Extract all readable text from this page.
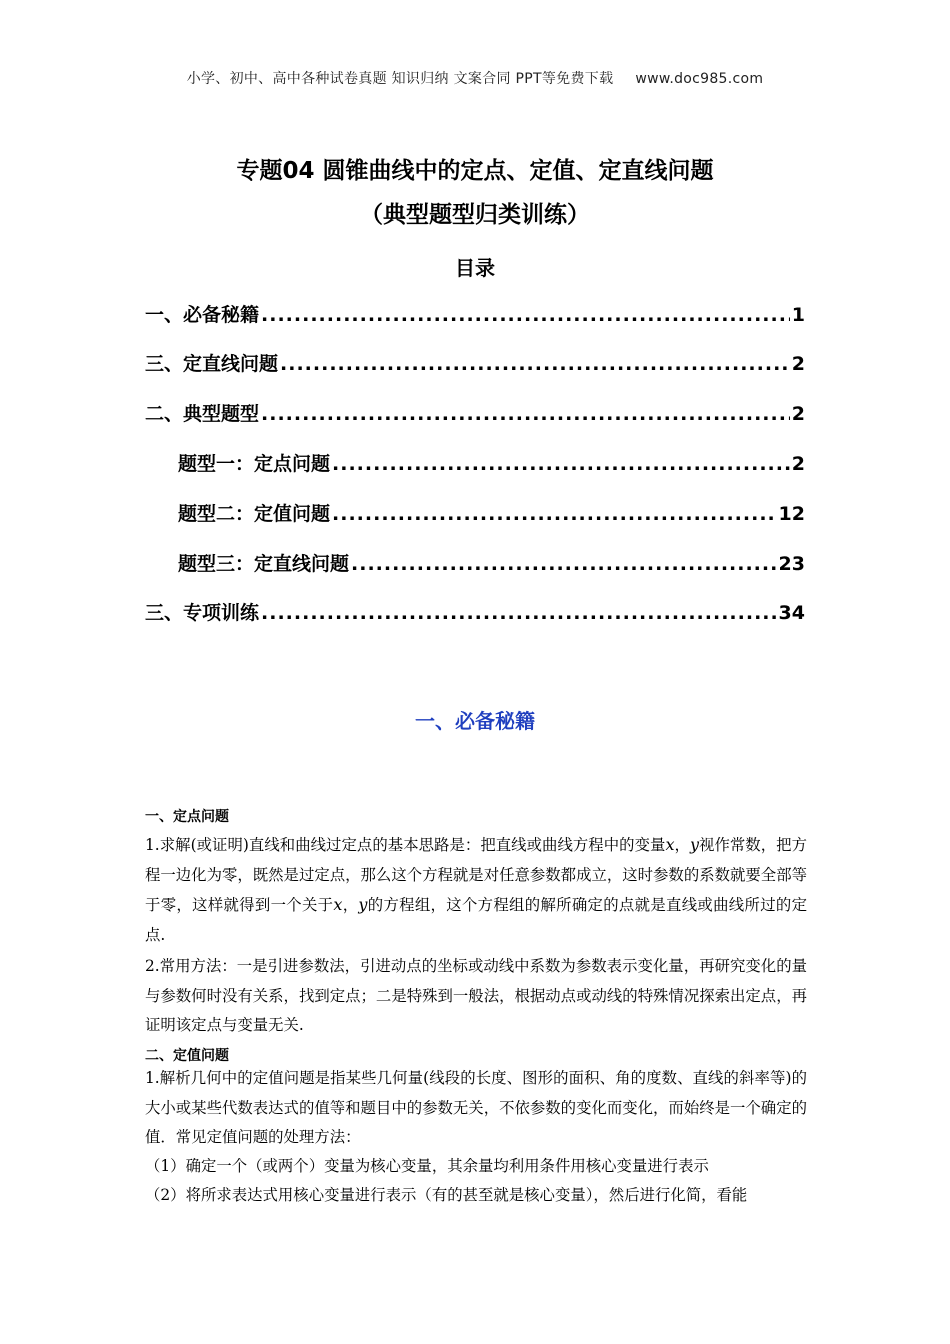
小学、初中、高中各种试卷真题 知识归纳 文案合同 PPT等免费下载 www.doc985.com
专题04 圆锥曲线中的定点、定值、定直线问题
（典型题型归类训练）
目录
一、必备秘籍 .....	1
三、定直线问题 .....	2
二、典型题型 .....	2
题型一：定点问题 .....	2
题型二：定值问题 .....	12
题型三：定直线问题 .....	23
三、专项训练 .....	34
一、必备秘籍
一、定点问题
1.求解(或证明)直线和曲线过定点的基本思路是：把直线或曲线方程中的变量x，y视作常数，把方程一边化为零，既然是过定点，那么这个方程就是对任意参数都成立，这时参数的系数就要全部等于零，这样就得到一个关于x，y的方程组，这个方程组的解所确定的点就是直线或曲线所过的定点.
2.常用方法：一是引进参数法，引进动点的坐标或动线中系数为参数表示变化量，再研究变化的量与参数何时没有关系，找到定点；二是特殊到一般法，根据动点或动线的特殊情况探索出定点，再证明该定点与变量无关.
二、定值问题
1.解析几何中的定值问题是指某些几何量(线段的长度、图形的面积、角的度数、直线的斜率等)的大小或某些代数表达式的值等和题目中的参数无关，不依参数的变化而变化，而始终是一个确定的值．常见定值问题的处理方法：
（1）确定一个（或两个）变量为核心变量，其余量均利用条件用核心变量进行表示
（2）将所求表达式用核心变量进行表示（有的甚至就是核心变量），然后进行化简，看能
